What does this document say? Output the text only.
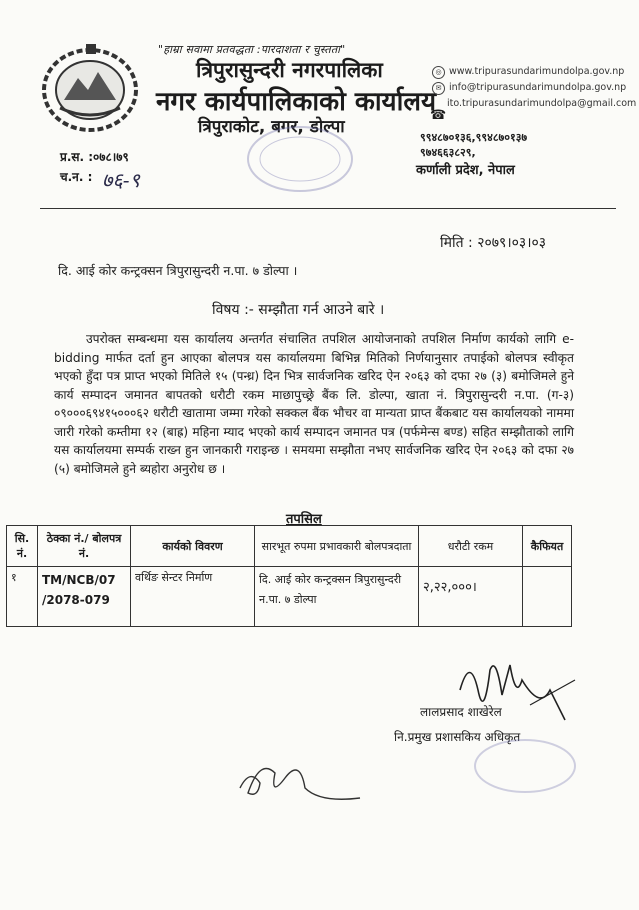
"हाम्रा सवामा प्रतवद्धता :पारदाशता र चुस्तता"
त्रिपुरासुन्दरी नगरपालिका
नगर कार्यपालिकाको कार्यालय
त्रिपुराकोट, बगर, डोल्पा
◎ www.tripurasundarimundolpa.gov.np
✉ info@tripurasundarimundolpa.gov.np
ito.tripurasundarimundolpa@gmail.com
☎
९९४८७०१३६,९९४८७०१३७
९७४६६३८२९,
कर्णाली प्रदेश, नेपाल
प्र.स. :०७८।७९
च.न. : ७६-९
मिति : २०७९।०३।०३
दि. आई कोर कन्ट्रक्सन त्रिपुरासुन्दरी न.पा. ७ डोल्पा ।
विषय :- सम्झौता गर्न आउने बारे ।
उपरोक्त सम्बन्धमा यस कार्यालय अन्तर्गत संचालित तपशिल आयोजनाको तपशिल निर्माण कार्यको लागि e-bidding मार्फत दर्ता हुन आएका बोलपत्र यस कार्यालयमा बिभिन्न मितिको निर्णयानुसार तपाईको बोलपत्र स्वीकृत भएको हुँदा पत्र प्राप्त भएको मितिले १५ (पन्ध्र) दिन भित्र सार्वजनिक खरिद ऐन २०६३ को दफा २७ (३) बमोजिमले हुने कार्य सम्पादन जमानत बापतको धरौटी रकम माछापुच्छ्रे बैंक लि. डोल्पा, खाता नं. त्रिपुरासुन्दरी न.पा. (ग-३) ०९०००६९४१५०००६२ धरौटी खातामा जम्मा गरेको सक्कल बैंक भौचर वा मान्यता प्राप्त बैंकबाट यस कार्यालयको नाममा जारी गरेको कम्तीमा १२ (बाह्र) महिना म्याद भएको कार्य सम्पादन जमानत पत्र (पर्फमेन्स बण्ड) सहित सम्झौताको लागि यस कार्यालयमा सम्पर्क राख्न हुन जानकारी गराइन्छ । समयमा सम्झौता नभए सार्वजनिक खरिद ऐन २०६३ को दफा २७ (५) बमोजिमले हुने ब्यहोरा अनुरोध छ ।
तपसिल
सि. नं.	ठेक्का नं./ बोलपत्र नं.	कार्यको विवरण	सारभूत रुपमा प्रभावकारी बोलपत्रदाता	धरौटी रकम	कैफियत
१	TM/NCB/07 /2078-079	वर्थिङ सेन्टर निर्माण	दि. आई कोर कन्ट्रक्सन त्रिपुरासुन्दरी न.पा. ७ डोल्पा	२,२२,०००।	
लालप्रसाद शाखेरेल
नि.प्रमुख प्रशासकिय अधिकृत
